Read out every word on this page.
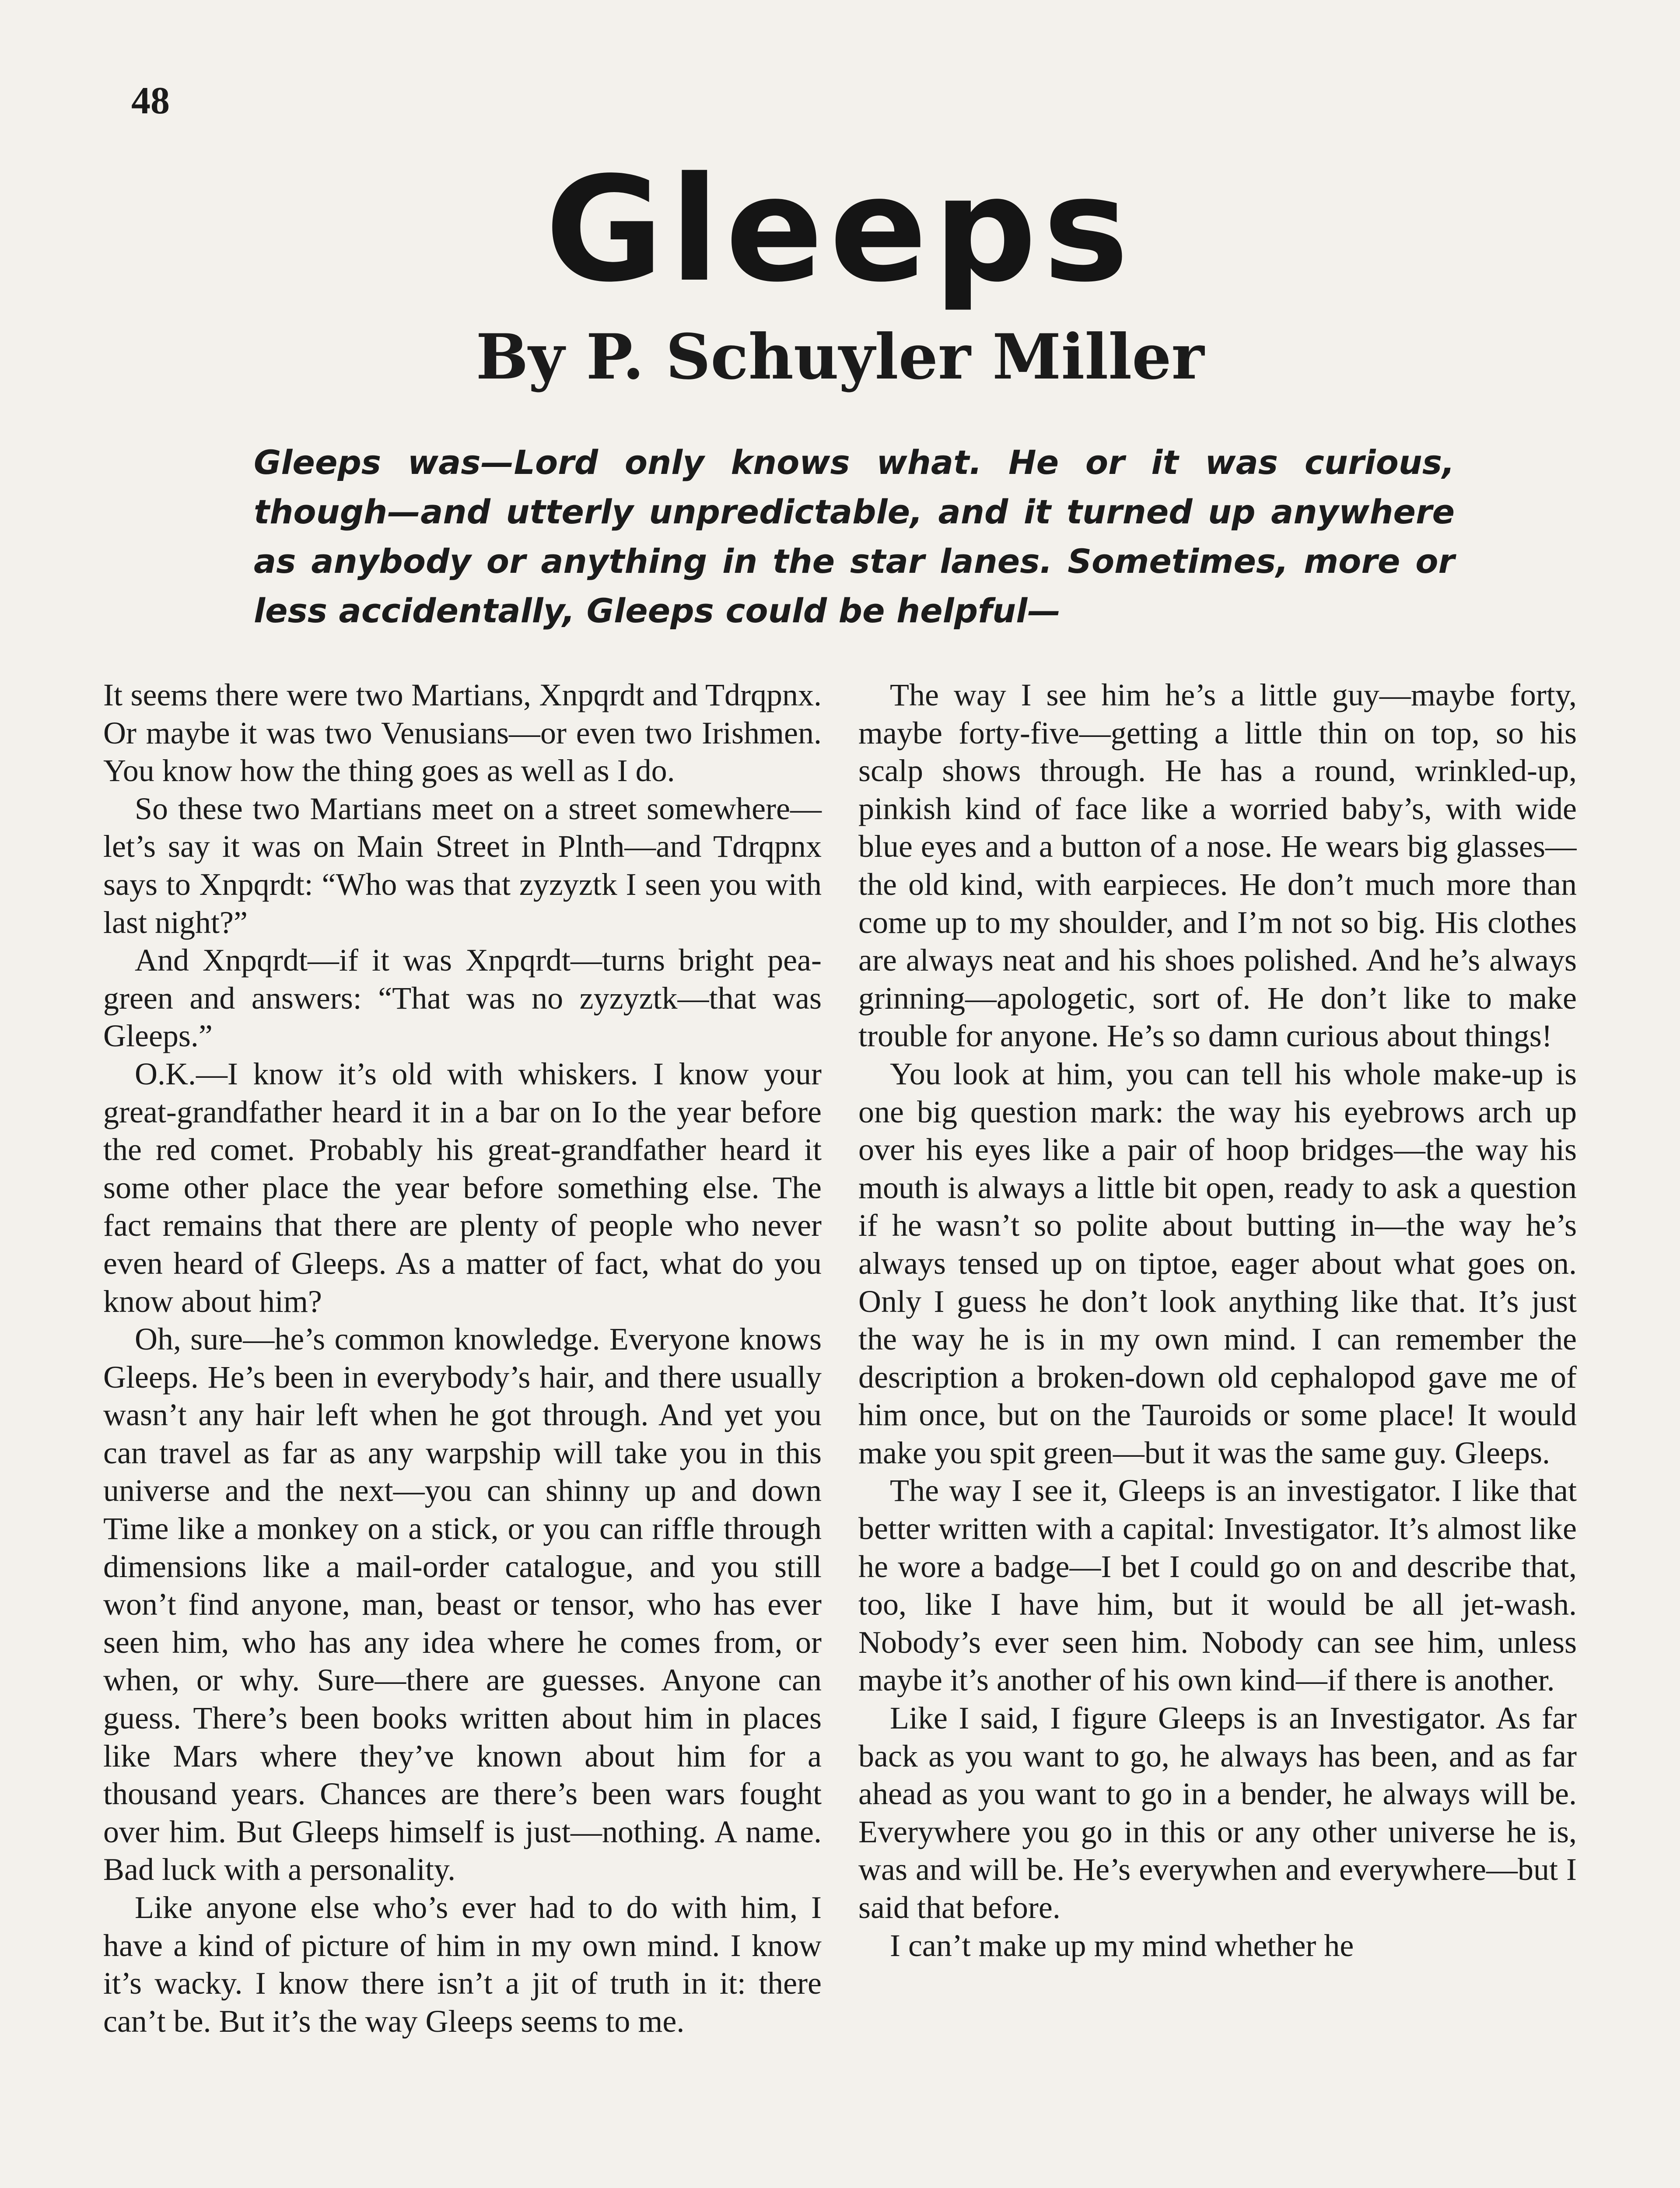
48
Gleeps
By P. Schuyler Miller

Gleeps was—Lord only knows what. He or it was curious, though—and utterly unpredictable, and it turned up anywhere as anybody or anything in the star lanes. Sometimes, more or less accidentally, Gleeps could be helpful—

It seems there were two Martians, Xnpqrdt and Tdrqpnx. Or maybe it was two Venusians—or even two Irishmen. You know how the thing goes as well as I do.

So these two Martians meet on a street somewhere—let’s say it was on Main Street in Plnth—and Tdrqpnx says to Xnpqrdt: “Who was that zyzyztk I seen you with last night?”

And Xnpqrdt—if it was Xnpqrdt—turns bright pea-green and answers: “That was no zyzyztk—that was Gleeps.”

O.K.—I know it’s old with whiskers. I know your great-grandfather heard it in a bar on Io the year before the red comet. Probably his great-grandfather heard it some other place the year before something else. The fact remains that there are plenty of people who never even heard of Gleeps. As a matter of fact, what do you know about him?

Oh, sure—he’s common knowledge. Everyone knows Gleeps. He’s been in everybody’s hair, and there usually wasn’t any hair left when he got through. And yet you can travel as far as any warpship will take you in this universe and the next—you can shinny up and down Time like a monkey on a stick, or you can riffle through dimensions like a mail-order catalogue, and you still won’t find anyone, man, beast or tensor, who has ever seen him, who has any idea where he comes from, or when, or why. Sure—there are guesses. Anyone can guess. There’s been books written about him in places like Mars where they’ve known about him for a thousand years. Chances are there’s been wars fought over him. But Gleeps himself is just—nothing. A name. Bad luck with a personality.

Like anyone else who’s ever had to do with him, I have a kind of picture of him in my own mind. I know it’s wacky. I know there isn’t a jit of truth in it: there can’t be. But it’s the way Gleeps seems to me.

The way I see him he’s a little guy—maybe forty, maybe forty-five—getting a little thin on top, so his scalp shows through. He has a round, wrinkled-up, pinkish kind of face like a worried baby’s, with wide blue eyes and a button of a nose. He wears big glasses—the old kind, with earpieces. He don’t much more than come up to my shoulder, and I’m not so big. His clothes are always neat and his shoes polished. And he’s always grinning—apologetic, sort of. He don’t like to make trouble for anyone. He’s so damn curious about things!

You look at him, you can tell his whole make-up is one big question mark: the way his eyebrows arch up over his eyes like a pair of hoop bridges—the way his mouth is always a little bit open, ready to ask a question if he wasn’t so polite about butting in—the way he’s always tensed up on tiptoe, eager about what goes on. Only I guess he don’t look anything like that. It’s just the way he is in my own mind. I can remember the description a broken-down old cephalopod gave me of him once, but on the Tauroids or some place! It would make you spit green—but it was the same guy. Gleeps.

The way I see it, Gleeps is an investigator. I like that better written with a capital: Investigator. It’s almost like he wore a badge—I bet I could go on and describe that, too, like I have him, but it would be all jet-wash. Nobody’s ever seen him. Nobody can see him, unless maybe it’s another of his own kind—if there is another.

Like I said, I figure Gleeps is an Investigator. As far back as you want to go, he always has been, and as far ahead as you want to go in a bender, he always will be. Everywhere you go in this or any other universe he is, was and will be. He’s everywhen and everywhere—but I said that before.

I can’t make up my mind whether he
